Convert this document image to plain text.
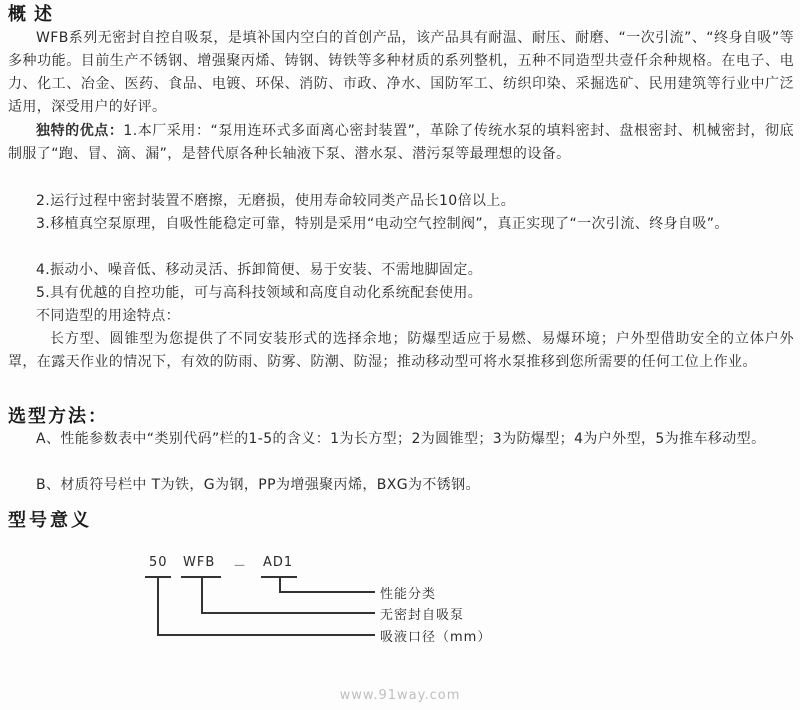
概述

WFB系列无密封自控自吸泵，是填补国内空白的首创产品，该产品具有耐温、耐压、耐磨、“一次引流”、“终身自吸”等多种功能。目前生产不锈钢、增强聚丙烯、铸钢、铸铁等多种材质的系列整机，五种不同造型共壹仟余种规格。在电子、电力、化工、冶金、医药、食品、电镀、环保、消防、市政、净水、国防军工、纺织印染、采掘选矿、民用建筑等行业中广泛适用，深受用户的好评。

独特的优点：1.本厂采用：“泵用连环式多面离心密封装置”，革除了传统水泵的填料密封、盘根密封、机械密封，彻底制服了“跑、冒、滴、漏”，是替代原各种长轴液下泵、潜水泵、潜污泵等最理想的设备。

2.运行过程中密封装置不磨擦，无磨损，使用寿命较同类产品长10倍以上。

3.移植真空泵原理，自吸性能稳定可靠，特别是采用“电动空气控制阀”，真正实现了“一次引流、终身自吸”。

4.振动小、噪音低、移动灵活、拆卸简便、易于安装、不需地脚固定。

5.具有优越的自控功能，可与高科技领域和高度自动化系统配套使用。

不同造型的用途特点：

长方型、圆锥型为您提供了不同安装形式的选择余地；防爆型适应于易燃、易爆环境；户外型借助安全的立体户外罩，在露天作业的情况下，有效的防雨、防雾、防潮、防湿；推动移动型可将水泵推移到您所需要的任何工位上作业。

选型方法：

A、性能参数表中“类别代码”栏的1-5的含义：1为长方型；2为圆锥型；3为防爆型；4为户外型，5为推车移动型。

B、材质符号栏中 T为铁，G为钢，PP为增强聚丙烯，BXG为不锈钢。

型号意义
50 WFB － AD1
性能分类
无密封自吸泵
吸液口径（mm）
www.91way.com
